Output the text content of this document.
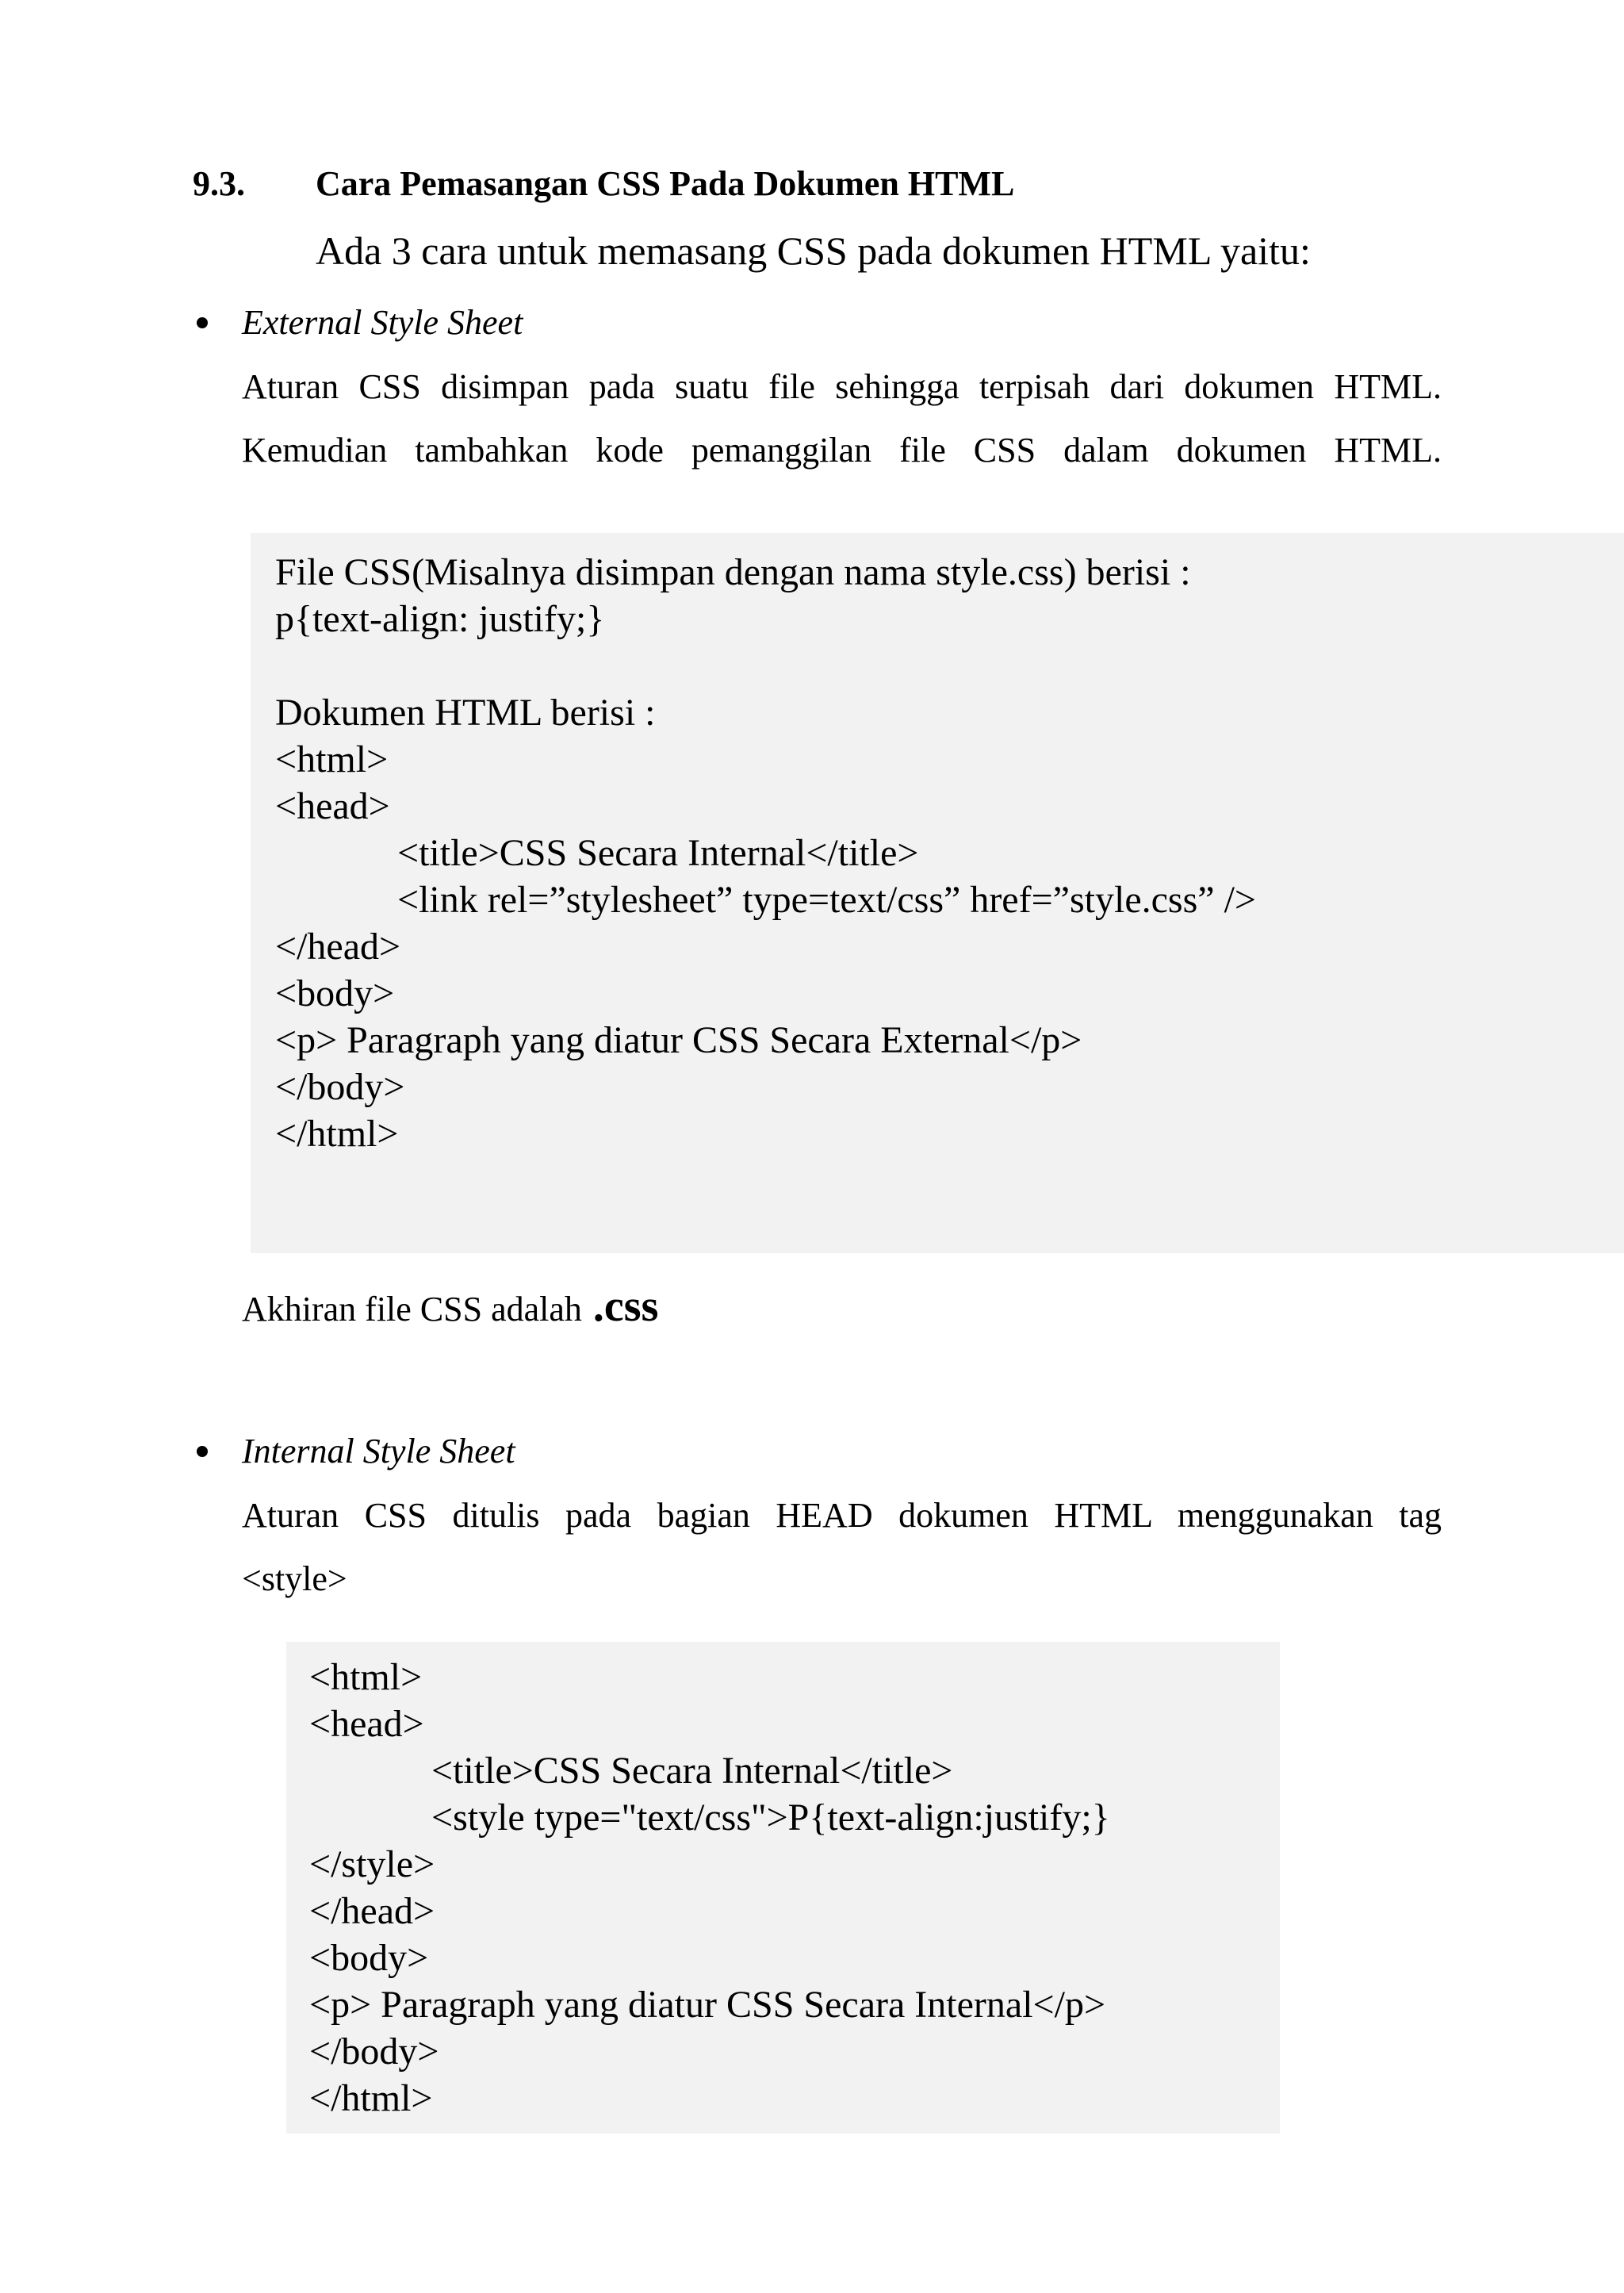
9.3. Cara Pemasangan CSS Pada Dokumen HTML
Ada 3 cara untuk memasang CSS pada dokumen HTML yaitu:
External Style Sheet
Aturan CSS disimpan pada suatu file sehingga terpisah dari dokumen HTML.
Kemudian tambahkan kode pemanggilan file CSS dalam dokumen HTML.
File CSS(Misalnya disimpan dengan nama style.css) berisi :
p{text-align: justify;}
Dokumen HTML berisi :
<html>
<head>
<title>CSS Secara Internal</title>
<link rel=”stylesheet” type=text/css” href=”style.css” />
</head>
<body>
<p> Paragraph yang diatur CSS Secara External</p>
</body>
</html>
Akhiran file CSS adalah .css
Internal Style Sheet
Aturan CSS ditulis pada bagian HEAD dokumen HTML menggunakan tag
<style>
<html>
<head>
<title>CSS Secara Internal</title>
<style type="text/css">P{text-align:justify;}
</style>
</head>
<body>
<p> Paragraph yang diatur CSS Secara Internal</p>
</body>
</html>
